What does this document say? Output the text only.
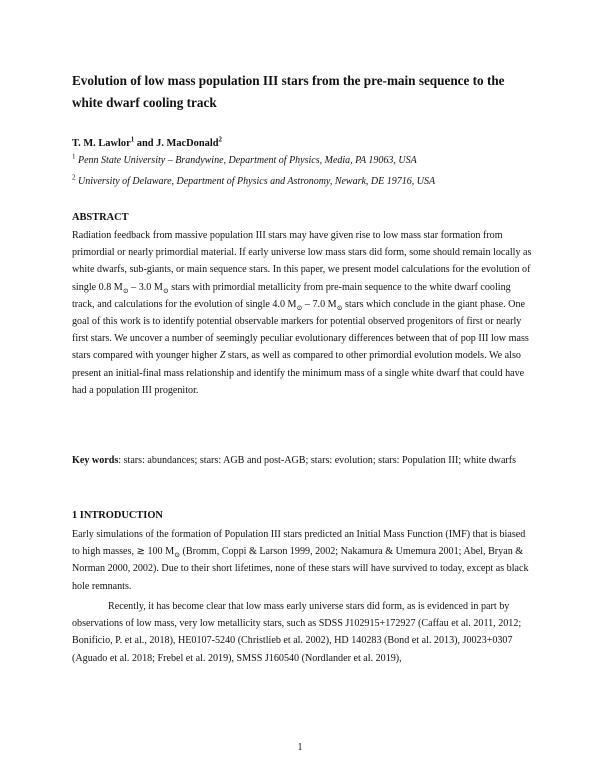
Evolution of low mass population III stars from the pre-main sequence to the white dwarf cooling track
T. M. Lawlor$^1$ and J. MacDonald$^2$
$^1$ Penn State University – Brandywine, Department of Physics, Media, PA 19063, USA
$^2$ University of Delaware, Department of Physics and Astronomy, Newark, DE 19716, USA
ABSTRACT
Radiation feedback from massive population III stars may have given rise to low mass star formation from primordial or nearly primordial material. If early universe low mass stars did form, some should remain locally as white dwarfs, sub-giants, or main sequence stars. In this paper, we present model calculations for the evolution of single 0.8 $M_⊙ - 3.0$ $M_⊙$ stars with primordial metallicity from pre-main sequence to the white dwarf cooling track, and calculations for the evolution of single 4.0 $M_⊙ - 7.0$ $M_⊙$ stars which conclude in the giant phase. One goal of this work is to identify potential observable markers for potential observed progenitors of first or nearly first stars. We uncover a number of seemingly peculiar evolutionary differences between that of pop III low mass stars compared with younger higher Z stars, as well as compared to other primordial evolution models. We also present an initial-final mass relationship and identify the minimum mass of a single white dwarf that could have had a population III progenitor.
Key words: stars: abundances; stars: AGB and post-AGB; stars: evolution; stars: Population III; white dwarfs
1 INTRODUCTION
Early simulations of the formation of Population III stars predicted an Initial Mass Function (IMF) that is biased to high masses, ≳ 100 $M_⊙$ (Bromm, Coppi & Larson 1999, 2002; Nakamura & Umemura 2001; Abel, Bryan & Norman 2000, 2002). Due to their short lifetimes, none of these stars will have survived to today, except as black hole remnants.
Recently, it has become clear that low mass early universe stars did form, as is evidenced in part by observations of low mass, very low metallicity stars, such as SDSS J102915+172927 (Caffau et al. 2011, 2012; Bonificio, P. et al., 2018), HE0107-5240 (Christlieb et al. 2002), HD 140283 (Bond et al. 2013), J0023+0307 (Aguado et al. 2018; Frebel et al. 2019), SMSS J160540 (Nordlander et al. 2019),
1
